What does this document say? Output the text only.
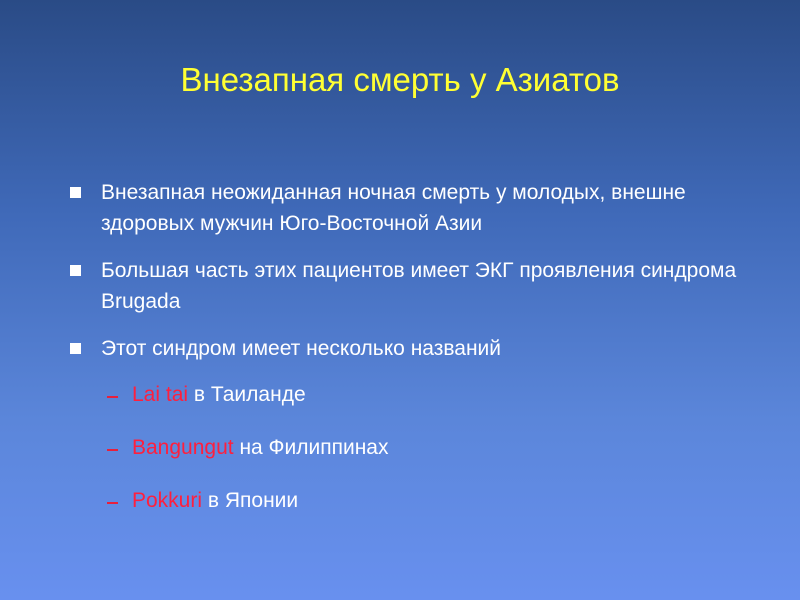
Внезапная смерть у Азиатов
Внезапная неожиданная ночная смерть у молодых, внешне здоровых мужчин Юго-Восточной Азии
Большая часть этих пациентов имеет ЭКГ проявления синдрома Brugada
Этот синдром имеет несколько названий
Lai tai в Таиланде
Bangungut на Филиппинах
Pokkuri в Японии
